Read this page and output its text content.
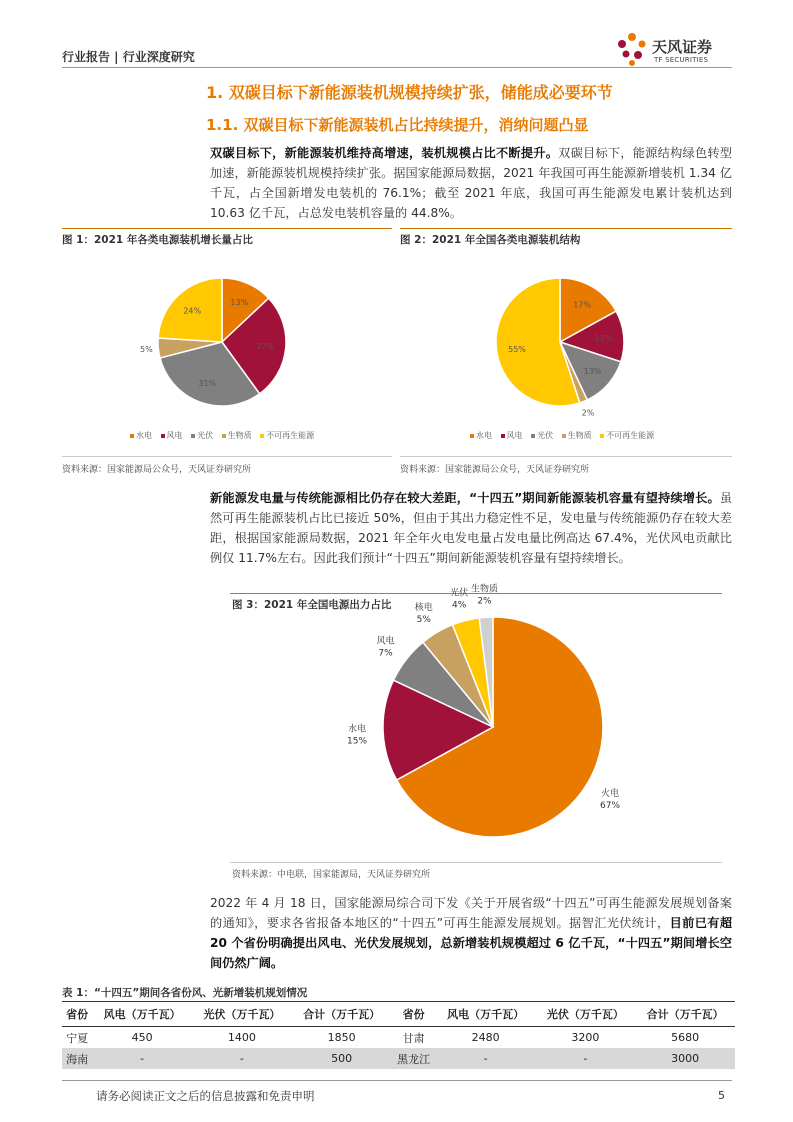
行业报告 | 行业深度研究
天风证券
TF SECURITIES
1. 双碳目标下新能源装机规模持续扩张，储能成必要环节
1.1. 双碳目标下新能源装机占比持续提升，消纳问题凸显
双碳目标下，新能源装机维持高增速，装机规模占比不断提升。双碳目标下，能源结构绿色转型加速，新能源装机规模持续扩张。据国家能源局数据，2021 年我国可再生能源新增装机 1.34 亿千瓦，占全国新增发电装机的 76.1%；截至 2021 年底，我国可再生能源发电累计装机达到 10.63 亿千瓦，占总发电装机容量的 44.8%。
图 1：2021 年各类电源装机增长量占比
13%
27%
31%
5%
24%
水电 风电 光伏 生物质 不可再生能源
资料来源：国家能源局公众号，天风证券研究所
图 2：2021 年全国各类电源装机结构
17%
13%
13%
2%
55%
水电 风电 光伏 生物质 不可再生能源
资料来源：国家能源局公众号，天风证券研究所
新能源发电量与传统能源相比仍存在较大差距，“十四五”期间新能源装机容量有望持续增长。虽然可再生能源装机占比已接近 50%，但由于其出力稳定性不足，发电量与传统能源仍存在较大差距，根据国家能源局数据，2021 年全年火电发电量占发电量比例高达 67.4%，光伏风电贡献比例仅 11.7%左右。因此我们预计“十四五”期间新能源装机容量有望持续增长。
图 3：2021 年全国电源出力占比
火电 67%
水电 15%
风电 7%
核电 5%
光伏 4%
生物质 2%
资料来源：中电联，国家能源局，天风证券研究所
2022 年 4 月 18 日，国家能源局综合司下发《关于开展省级“十四五”可再生能源发展规划备案的通知》，要求各省报备本地区的“十四五”可再生能源发展规划。据智汇光伏统计，目前已有超 20 个省份明确提出风电、光伏发展规划，总新增装机规模超过 6 亿千瓦，“十四五”期间增长空间仍然广阔。
表 1：“十四五”期间各省份风、光新增装机规划情况
省份	风电（万千瓦）	光伏（万千瓦）	合计（万千瓦）	省份	风电（万千瓦）	光伏（万千瓦）	合计（万千瓦）
宁夏	450	1400	1850	甘肃	2480	3200	5680
海南	-	-	500	黑龙江	-	-	3000
请务必阅读正文之后的信息披露和免责申明	5
